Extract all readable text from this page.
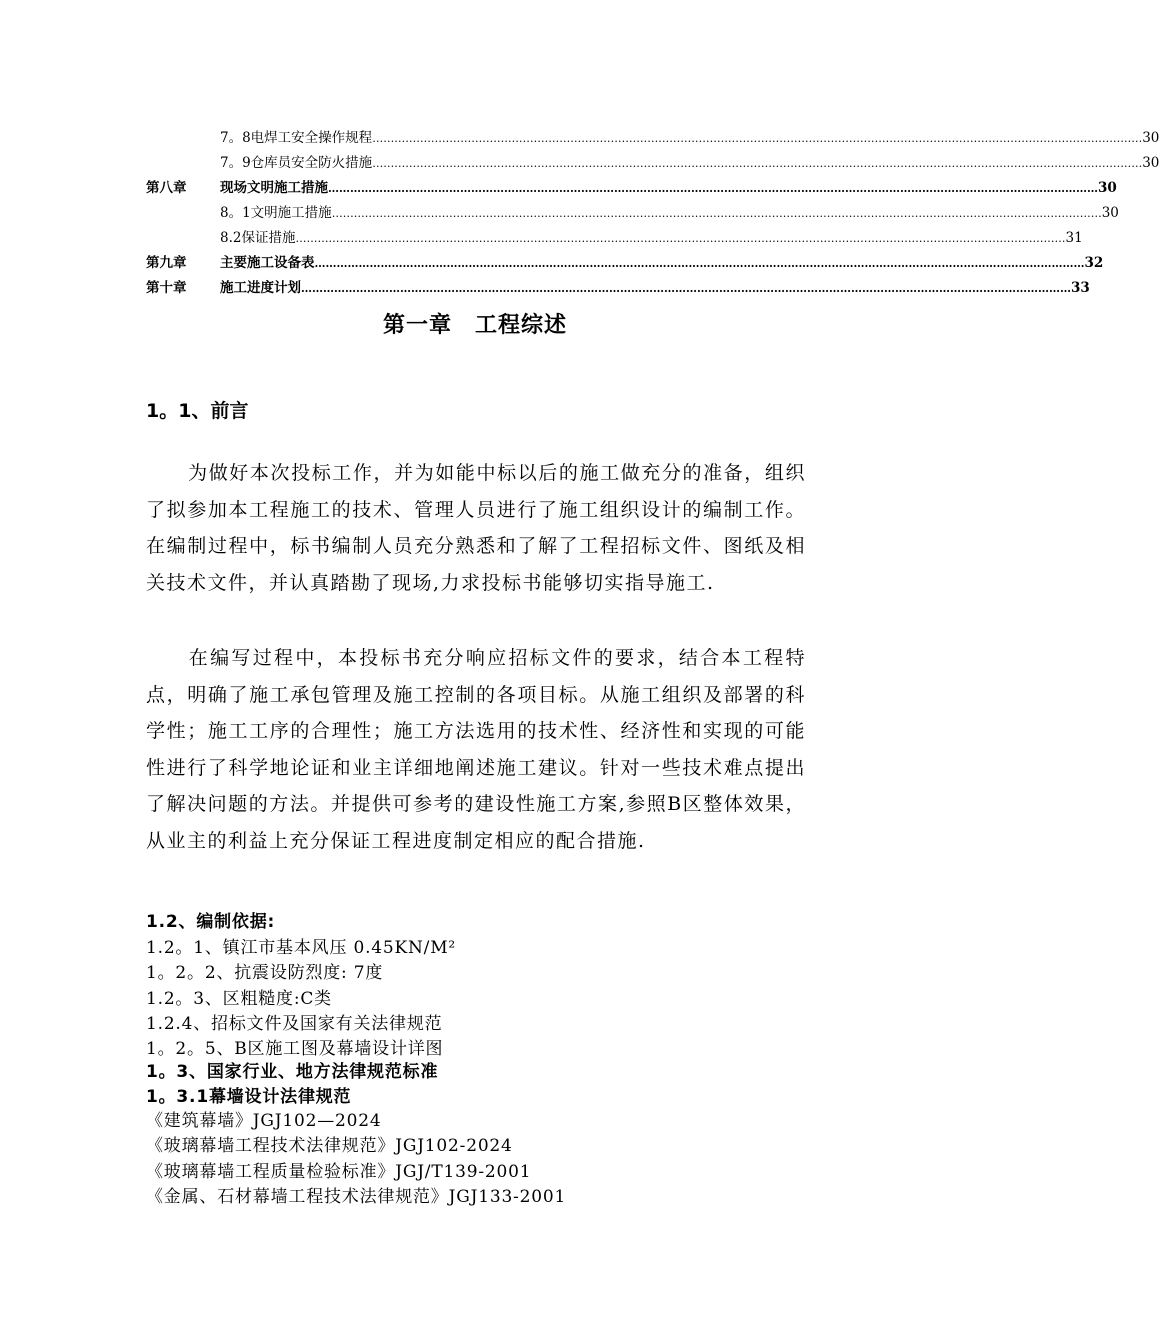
7。8电焊工安全操作规程 ………………………………………………………………………………………………………………………………………………………………………………………… 30
7。9仓库员安全防火措施 ………………………………………………………………………………………………………………………………………………………………………………………… 30
第八章	现场文明施工措施 ………………………………………………………………………………………………………………………………………………………………………………………… 30
8。1文明施工措施 ………………………………………………………………………………………………………………………………………………………………………………………… 30
8.2保证措施 ………………………………………………………………………………………………………………………………………………………………………………………… 31
第九章	主要施工设备表 ………………………………………………………………………………………………………………………………………………………………………………………… 32
第十章	施工进度计划 ………………………………………………………………………………………………………………………………………………………………………………………… 33
第一章　工程综述
1。1、前言
为做好本次投标工作，并为如能中标以后的施工做充分的准备，组织了拟参加本工程施工的技术、管理人员进行了施工组织设计的编制工作。在编制过程中，标书编制人员充分熟悉和了解了工程招标文件、图纸及相关技术文件，并认真踏勘了现场,力求投标书能够切实指导施工.
在编写过程中，本投标书充分响应招标文件的要求，结合本工程特点，明确了施工承包管理及施工控制的各项目标。从施工组织及部署的科学性；施工工序的合理性；施工方法选用的技术性、经济性和实现的可能性进行了科学地论证和业主详细地阐述施工建议。针对一些技术难点提出了解决问题的方法。并提供可参考的建设性施工方案,参照B区整体效果，从业主的利益上充分保证工程进度制定相应的配合措施.
1.2、编制依据:
1.2。1、镇江市基本风压 0.45KN/M²
1。2。2、抗震设防烈度: 7度
1.2。3、区粗糙度:C类
1.2.4、招标文件及国家有关法律规范
1。2。5、B区施工图及幕墙设计详图
1。3、国家行业、地方法律规范标准
1。3.1幕墙设计法律规范
《建筑幕墙》JGJ102—2024
《玻璃幕墙工程技术法律规范》JGJ102-2024
《玻璃幕墙工程质量检验标准》JGJ/T139-2001
《金属、石材幕墙工程技术法律规范》JGJ133-2001
